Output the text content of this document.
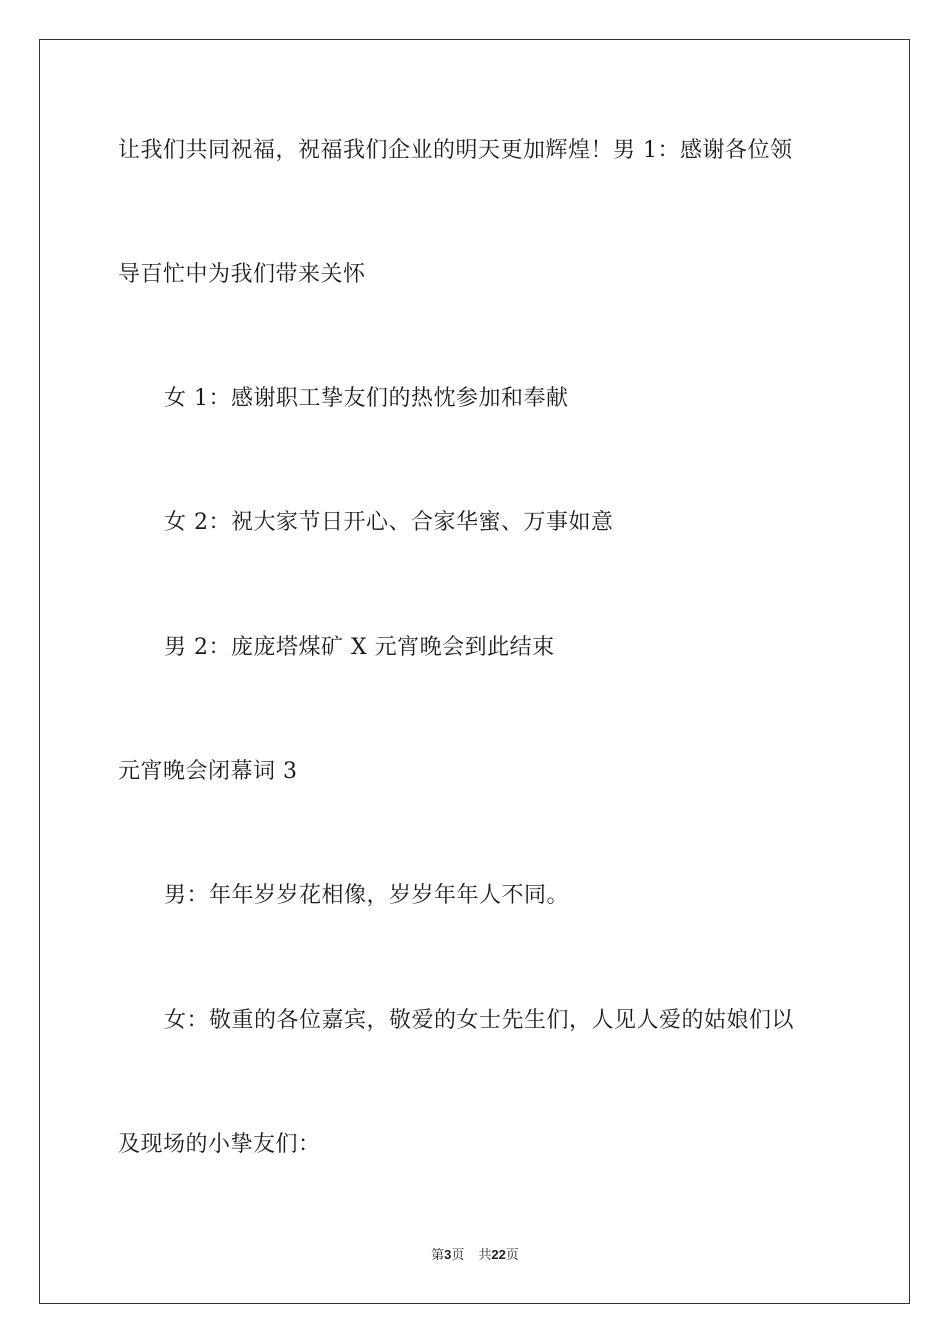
让我们共同祝福，祝福我们企业的明天更加辉煌！男 1：感谢各位领
导百忙中为我们带来关怀
女 1：感谢职工挚友们的热忱参加和奉献
女 2：祝大家节日开心、合家华蜜、万事如意
男 2：庞庞塔煤矿 X 元宵晚会到此结束
元宵晚会闭幕词 3
男：年年岁岁花相像，岁岁年年人不同。
女：敬重的各位嘉宾，敬爱的女士先生们，人见人爱的姑娘们以
及现场的小挚友们：
第3页 共22页
